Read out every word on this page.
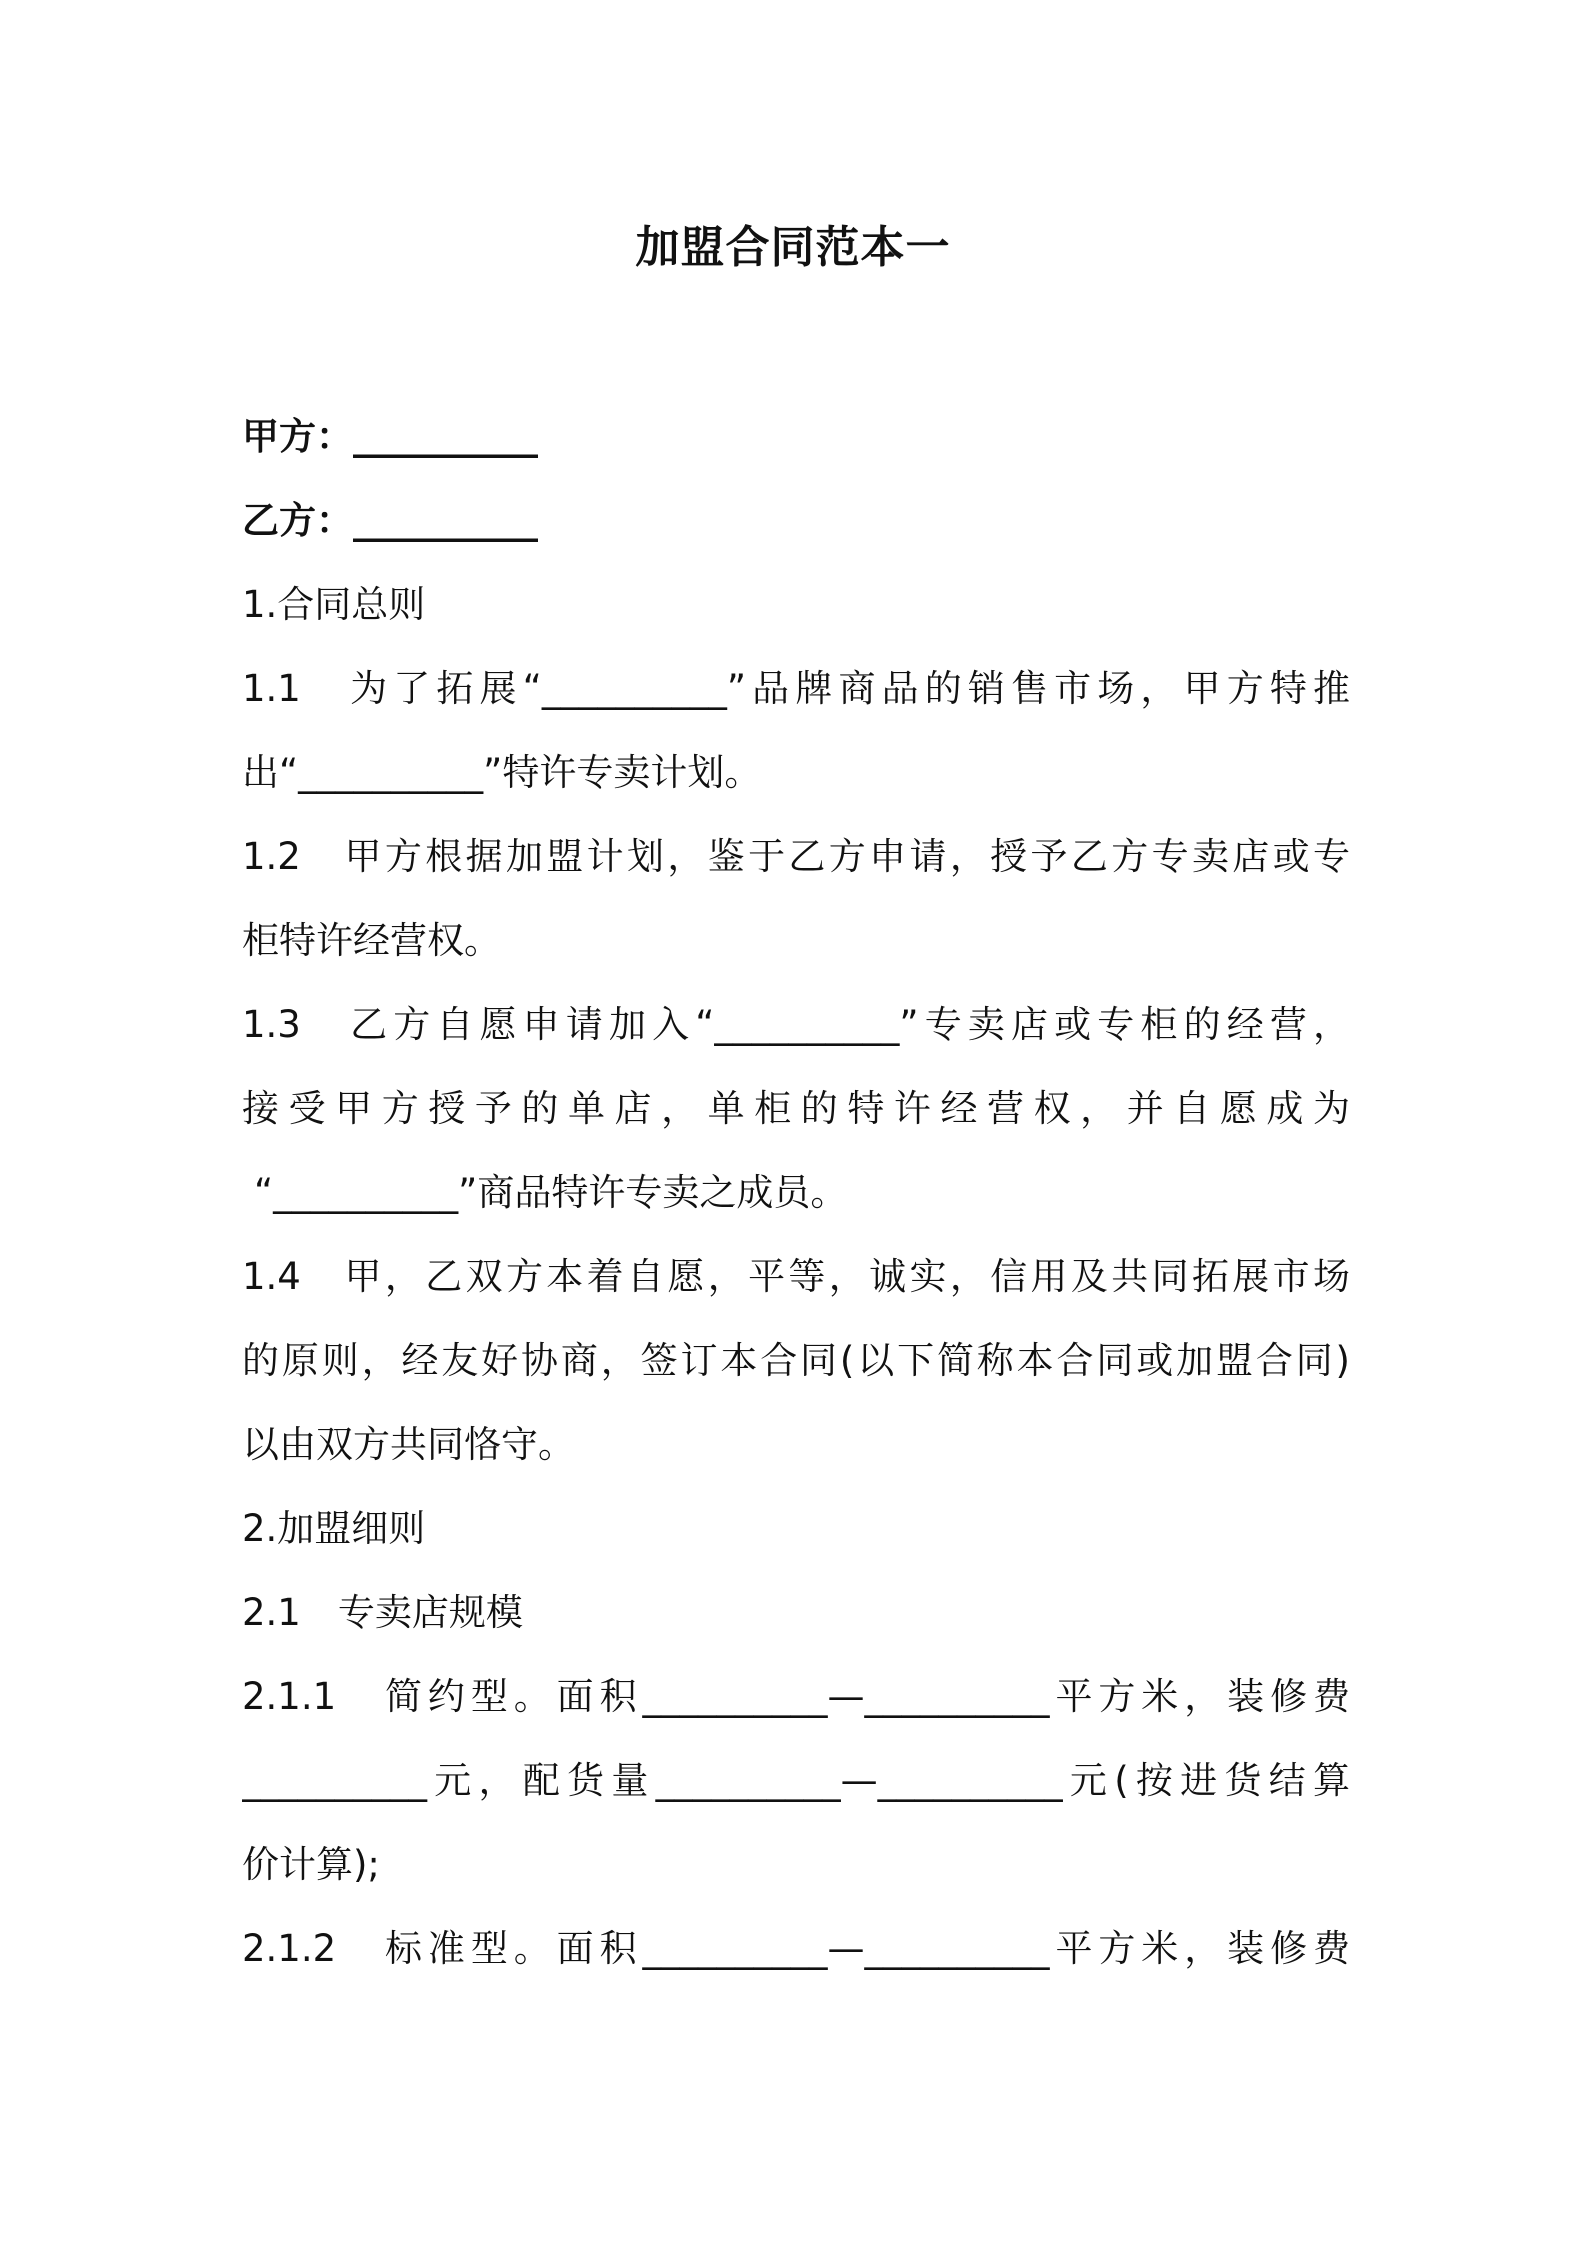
加盟合同范本一
甲方：__________
乙方：__________
1.合同总则
1.1　为了拓展“__________”品牌商品的销售市场，甲方特推
出“__________”特许专卖计划。
1.2　甲方根据加盟计划，鉴于乙方申请，授予乙方专卖店或专
柜特许经营权。
1.3　乙方自愿申请加入“__________”专卖店或专柜的经营，
接受甲方授予的单店，单柜的特许经营权，并自愿成为
“__________”商品特许专卖之成员。
1.4　甲，乙双方本着自愿，平等，诚实，信用及共同拓展市场
的原则，经友好协商，签订本合同(以下简称本合同或加盟合同)
以由双方共同恪守。
2.加盟细则
2.1　专卖店规模
2.1.1　简约型。面积__________—__________平方米，装修费
__________元，配货量__________—__________元(按进货结算
价计算);
2.1.2　标准型。面积__________—__________平方米，装修费
